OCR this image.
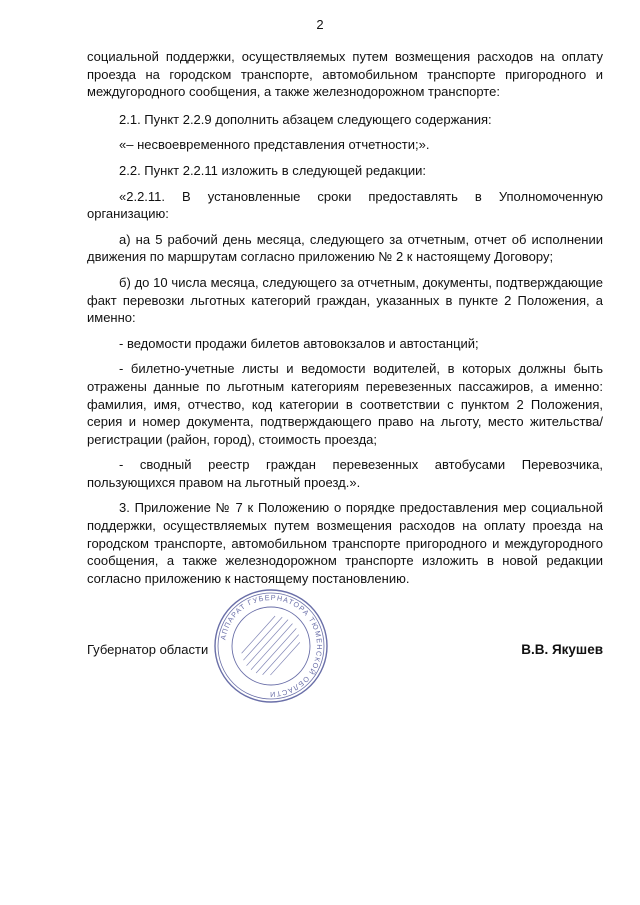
2

социальной поддержки, осуществляемых путем возмещения расходов на оплату проезда на городском транспорте, автомобильном транспорте пригородного и междугородного сообщения, а также железнодорожном транспорте:

2.1. Пункт 2.2.9 дополнить абзацем следующего содержания:

«– несвоевременного представления отчетности;».

2.2. Пункт 2.2.11 изложить в следующей редакции:

«2.2.11. В установленные сроки предоставлять в Уполномоченную организацию:

а) на 5 рабочий день месяца, следующего за отчетным, отчет об исполнении движения по маршрутам согласно приложению № 2 к настоящему Договору;

б) до 10 числа месяца, следующего за отчетным, документы, подтверждающие факт перевозки льготных категорий граждан, указанных в пункте 2 Положения, а именно:

- ведомости продажи билетов автовокзалов и автостанций;

- билетно-учетные листы и ведомости водителей, в которых должны быть отражены данные по льготным категориям перевезенных пассажиров, а именно: фамилия, имя, отчество, код категории в соответствии с пунктом 2 Положения, серия и номер документа, подтверждающего право на льготу, место жительства/регистрации (район, город), стоимость проезда;

- сводный реестр граждан перевезенных автобусами Перевозчика, пользующихся правом на льготный проезд.».

3. Приложение № 7 к Положению о порядке предоставления мер социальной поддержки, осуществляемых путем возмещения расходов на оплату проезда на городском транспорте, автомобильном транспорте пригородного и междугородного сообщения, а также железнодорожном транспорте изложить в новой редакции согласно приложению к настоящему постановлению.

АППАРАТ ГУБЕРНАТОРА ТЮМЕНСКОЙ ОБЛАСТИ
Губернатор области	В.В. Якушев
